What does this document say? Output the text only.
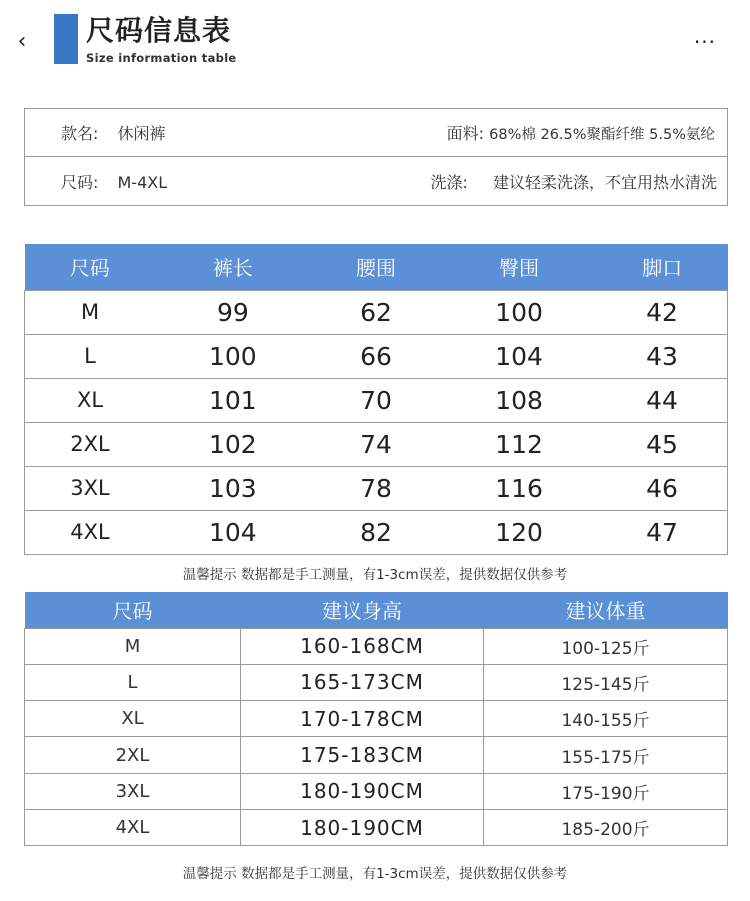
‹ 尺码信息表
Size information table
···
款名: 休闲裤	面料: 68%棉 26.5%聚酯纤维 5.5%氨纶
尺码: M-4XL	洗涤: 建议轻柔洗涤，不宜用热水清洗
尺码	裤长	腰围	臀围	脚口
M	99	62	100	42
L	100	66	104	43
XL	101	70	108	44
2XL	102	74	112	45
3XL	103	78	116	46
4XL	104	82	120	47
温馨提示 数据都是手工测量，有1-3cm误差，提供数据仅供参考
尺码	建议身高	建议体重
M	160-168CM	100-125斤
L	165-173CM	125-145斤
XL	170-178CM	140-155斤
2XL	175-183CM	155-175斤
3XL	180-190CM	175-190斤
4XL	180-190CM	185-200斤
温馨提示 数据都是手工测量，有1-3cm误差，提供数据仅供参考
